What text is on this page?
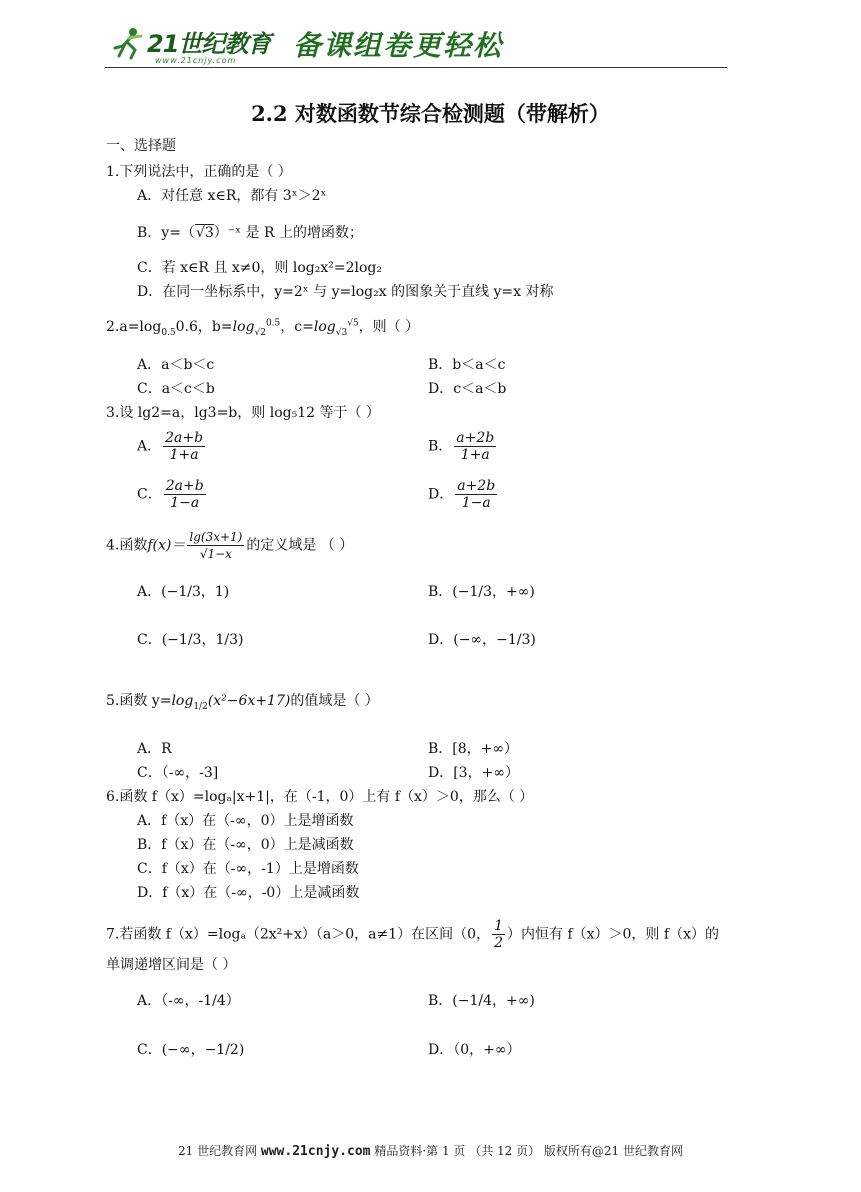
21世纪教育
www.21cnjy.com 备课组卷更轻松
2.2 对数函数节综合检测题（带解析）
一、选择题
1.下列说法中，正确的是（ ）
A．对任意 x∈R，都有 3ˣ＞2ˣ
B．y=（√3）⁻ˣ 是 R 上的增函数；
C．若 x∈R 且 x≠0，则 log₂x²=2log₂
D．在同一坐标系中，y=2ˣ 与 y=log₂x 的图象关于直线 y=x 对称
$2.a=\log_{0.5}0.6$，$b=\log_{√2}^{0.5}$，$c=\log_{√3}^{√5}$，则（ ）
A．a＜b＜c	B．b＜a＜c
C．a＜c＜b	D．c＜a＜b
3.设 lg2=a，lg3=b，则 log₅12 等于（ ）
A． $\frac{2a+b}{1+a}$	B． $\frac{a+2b}{1+a}$
C． $\frac{2a+b}{1-a}$	D． $\frac{a+2b}{1-a}$
4.函数$f(x)= \frac{\lg(3x+1)}{√1-x}$ 的定义域是 （ ）
A．(−1/3，1)	B．(−1/3，+∞)
C．(−1/3，1/3)	D．(−∞，−1/3)
5.函数 $y=\log_{1/2}(x^2-6x+17)$的值域是（ ）
A．R	B．[8，+∞）
C．（-∞，-3]	D．[3，+∞）
6.函数 f（x）=logₐ|x+1|，在（-1，0）上有 f（x）＞0，那么（ ）
A．f（x）在（-∞，0）上是增函数
B．f（x）在（-∞，0）上是减函数
C．f（x）在（-∞，-1）上是增函数
D．f（x）在（-∞，-0）上是减函数
7.若函数 f（x）=logₐ（2x²+x）（a＞0，a≠1）在区间（0， $\frac{1}{2}$ ）内恒有 f（x）＞0，则 f（x）的
单调递增区间是（ ）
A．（-∞，-1/4）	B．(−1/4，+∞)
C．(−∞，−1/2)	D．（0，+∞）
21 世纪教育网 www.21cnjy.com 精品资料·第 1 页 （共 12 页） 版权所有@21 世纪教育网
